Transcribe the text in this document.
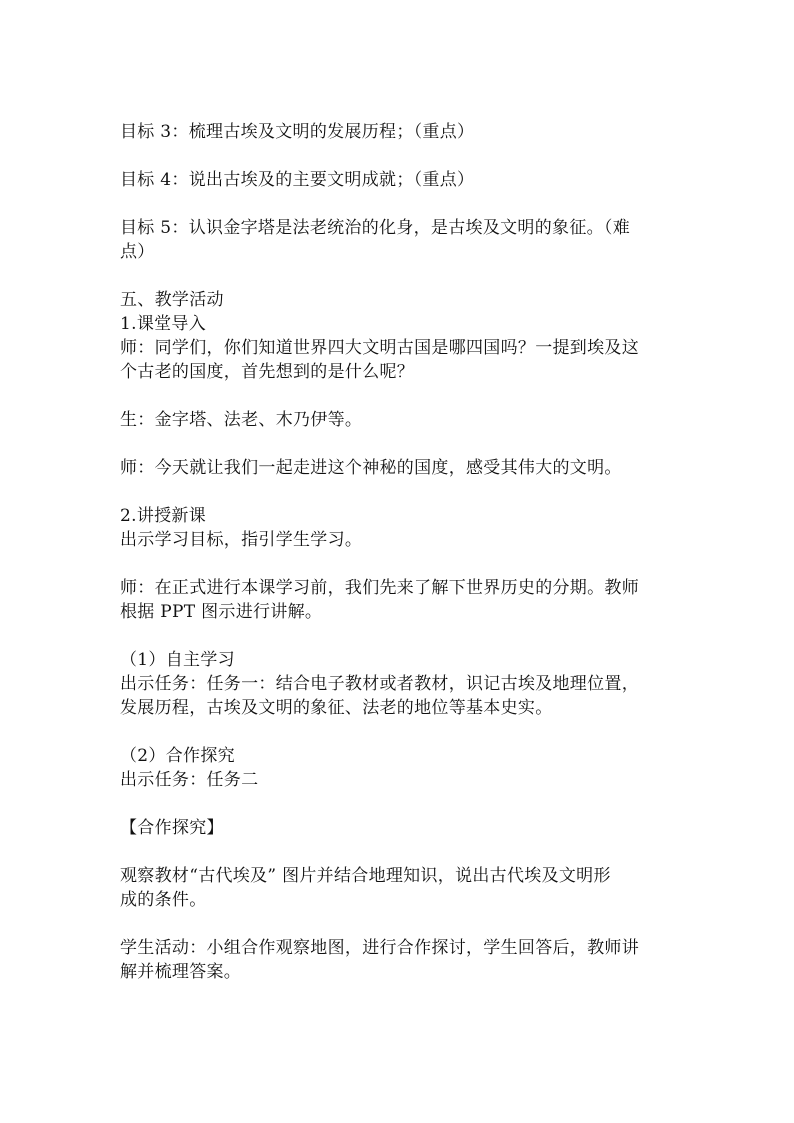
目标 3：梳理古埃及文明的发展历程；（重点）

目标 4：说出古埃及的主要文明成就；（重点）

目标 5：认识金字塔是法老统治的化身，是古埃及文明的象征。（难

点）

五、教学活动

1.课堂导入

师：同学们，你们知道世界四大文明古国是哪四国吗？一提到埃及这

个古老的国度，首先想到的是什么呢？

生：金字塔、法老、木乃伊等。

师：今天就让我们一起走进这个神秘的国度，感受其伟大的文明。

2.讲授新课

出示学习目标，指引学生学习。

师：在正式进行本课学习前，我们先来了解下世界历史的分期。教师

根据 PPT 图示进行讲解。

（1）自主学习

出示任务：任务一：结合电子教材或者教材，识记古埃及地理位置，

发展历程，古埃及文明的象征、法老的地位等基本史实。

（2）合作探究

出示任务：任务二

【合作探究】

观察教材“古代埃及” 图片并结合地理知识，说出古代埃及文明形

成的条件。

学生活动：小组合作观察地图，进行合作探讨，学生回答后，教师讲

解并梳理答案。
